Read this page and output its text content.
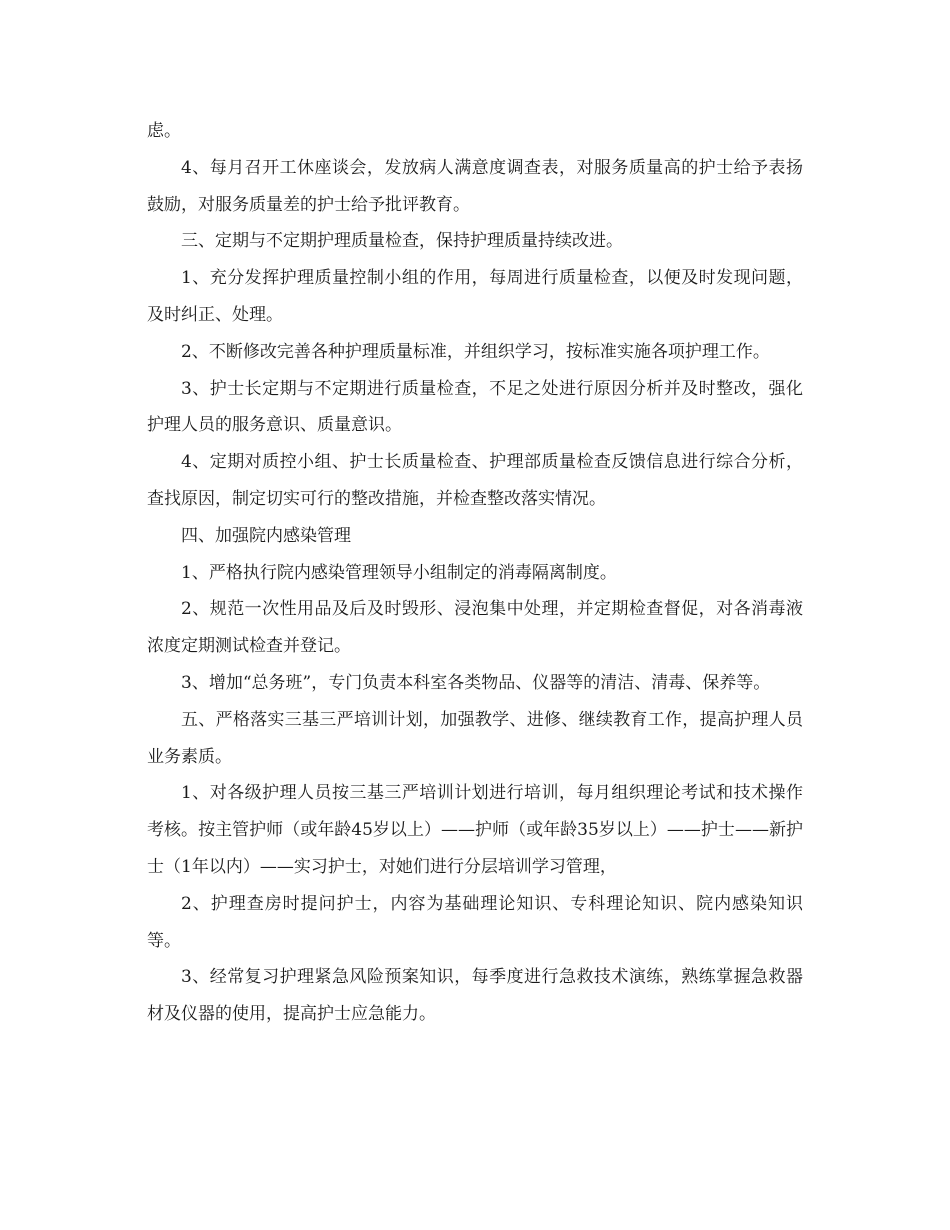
虑。

4、每月召开工休座谈会，发放病人满意度调查表，对服务质量高的护士给予表扬鼓励，对服务质量差的护士给予批评教育。

三、定期与不定期护理质量检查，保持护理质量持续改进。

1、充分发挥护理质量控制小组的作用，每周进行质量检查，以便及时发现问题，及时纠正、处理。

2、不断修改完善各种护理质量标准，并组织学习，按标准实施各项护理工作。

3、护士长定期与不定期进行质量检查，不足之处进行原因分析并及时整改，强化护理人员的服务意识、质量意识。

4、定期对质控小组、护士长质量检查、护理部质量检查反馈信息进行综合分析，查找原因，制定切实可行的整改措施，并检查整改落实情况。

四、加强院内感染管理

1、严格执行院内感染管理领导小组制定的消毒隔离制度。

2、规范一次性用品及后及时毁形、浸泡集中处理，并定期检查督促，对各消毒液浓度定期测试检查并登记。

3、增加“总务班”，专门负责本科室各类物品、仪器等的清洁、清毒、保养等。

五、严格落实三基三严培训计划，加强教学、进修、继续教育工作，提高护理人员业务素质。

1、对各级护理人员按三基三严培训计划进行培训，每月组织理论考试和技术操作考核。按主管护师（或年龄45岁以上）——护师（或年龄35岁以上）——护士——新护士（1年以内）——实习护士，对她们进行分层培训学习管理，

2、护理查房时提问护士，内容为基础理论知识、专科理论知识、院内感染知识等。

3、经常复习护理紧急风险预案知识，每季度进行急救技术演练，熟练掌握急救器材及仪器的使用，提高护士应急能力。
